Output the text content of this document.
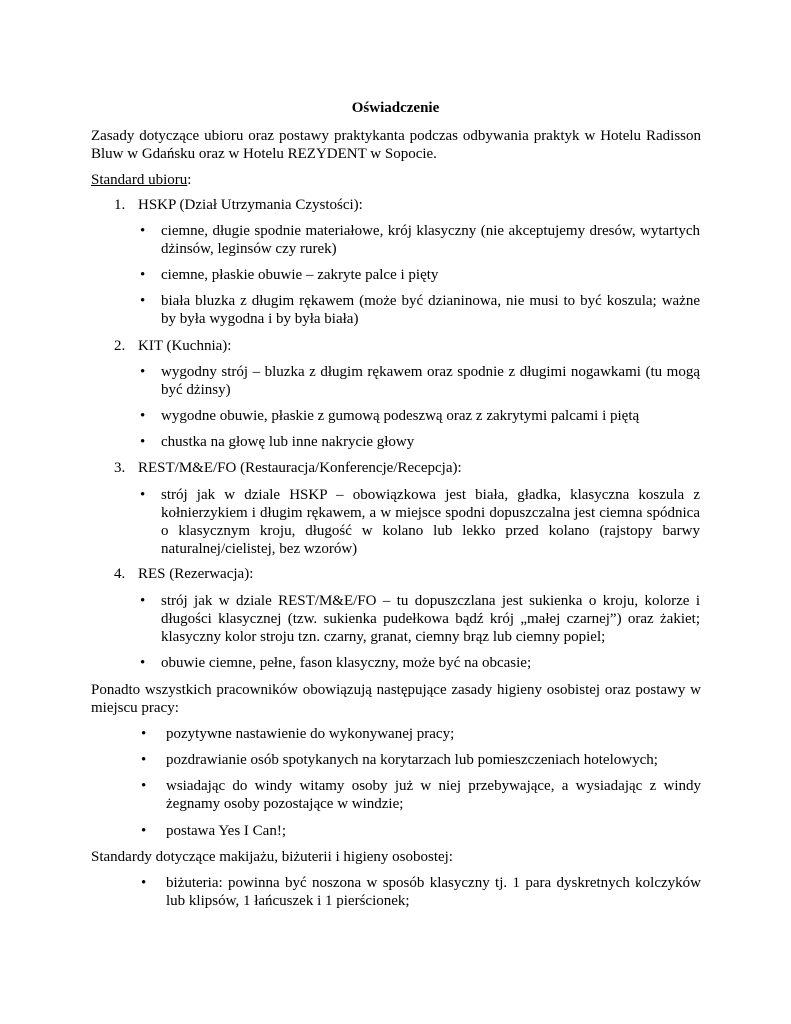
Oświadczenie
Zasady dotyczące ubioru oraz postawy praktykanta podczas odbywania praktyk w Hotelu Radisson Bluw w Gdańsku oraz w Hotelu REZYDENT w Sopocie.
Standard ubioru:
1. HSKP (Dział Utrzymania Czystości):
• ciemne, długie spodnie materiałowe, krój klasyczny (nie akceptujemy dresów, wytartych dżinsów, leginsów czy rurek)
• ciemne, płaskie obuwie – zakryte palce i pięty
• biała bluzka z długim rękawem (może być dzianinowa, nie musi to być koszula; ważne by była wygodna i by była biała)
2. KIT (Kuchnia):
• wygodny strój – bluzka z długim rękawem oraz spodnie z długimi nogawkami (tu mogą być dżinsy)
• wygodne obuwie, płaskie z gumową podeszwą oraz z zakrytymi palcami i piętą
• chustka na głowę lub inne nakrycie głowy
3. REST/M&E/FO (Restauracja/Konferencje/Recepcja):
• strój jak w dziale HSKP – obowiązkowa jest biała, gładka, klasyczna koszula z kołnierzykiem i długim rękawem, a w miejsce spodni dopuszczalna jest ciemna spódnica o klasycznym kroju, długość w kolano lub lekko przed kolano (rajstopy barwy naturalnej/cielistej, bez wzorów)
4. RES (Rezerwacja):
• strój jak w dziale REST/M&E/FO – tu dopuszczlana jest sukienka o kroju, kolorze i długości klasycznej (tzw. sukienka pudełkowa bądź krój „małej czarnej”) oraz żakiet; klasyczny kolor stroju tzn. czarny, granat, ciemny brąz lub ciemny popiel;
• obuwie ciemne, pełne, fason klasyczny, może być na obcasie;
Ponadto wszystkich pracowników obowiązują następujące zasady higieny osobistej oraz postawy w miejscu pracy:
• pozytywne nastawienie do wykonywanej pracy;
• pozdrawianie osób spotykanych na korytarzach lub pomieszczeniach hotelowych;
• wsiadając do windy witamy osoby już w niej przebywające, a wysiadając z windy żegnamy osoby pozostające w windzie;
• postawa Yes I Can!;
Standardy dotyczące makijażu, biżuterii i higieny osobostej:
• biżuteria: powinna być noszona w sposób klasyczny tj. 1 para dyskretnych kolczyków lub klipsów, 1 łańcuszek i 1 pierścionek;
